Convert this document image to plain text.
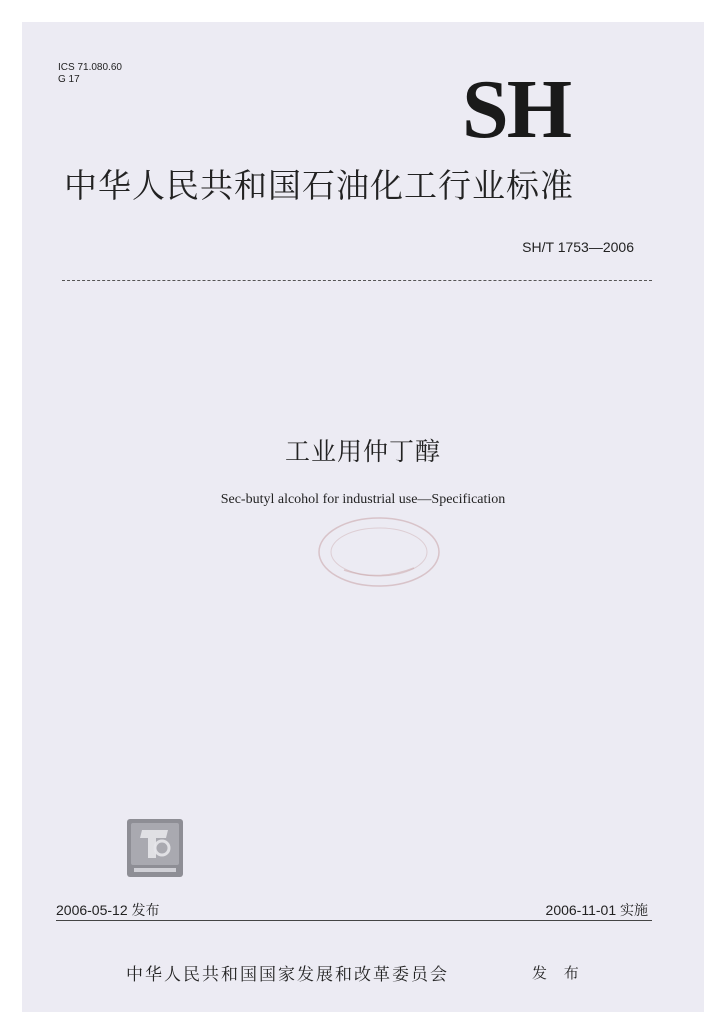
ICS 71.080.60
G 17	SH
中华人民共和国石油化工行业标准
SH/T 1753—2006
工业用仲丁醇
Sec-butyl alcohol for industrial use—Specification
2006-05-12 发布	2006-11-01 实施
中华人民共和国国家发展和改革委员会	发 布
